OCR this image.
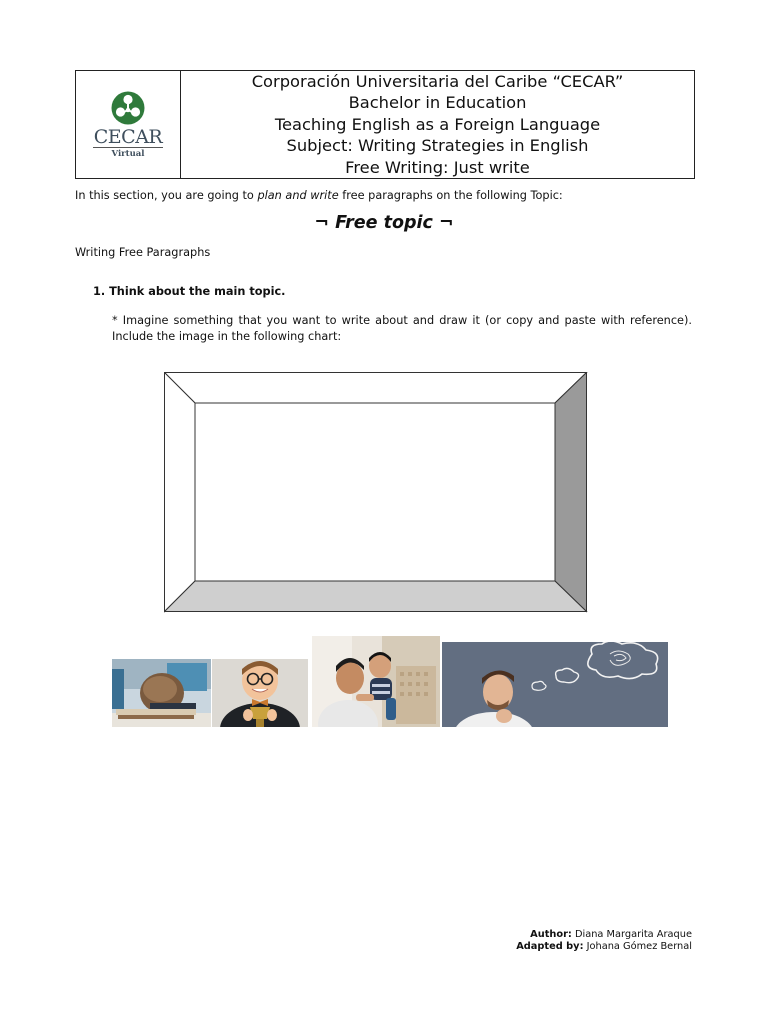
CECAR
Virtual
Corporación Universitaria del Caribe “CECAR”
Bachelor in Education
Teaching English as a Foreign Language
Subject: Writing Strategies in English
Free Writing: Just write
In this section, you are going to plan and write free paragraphs on the following Topic:
¬ Free topic ¬
Writing Free Paragraphs
1. Think about the main topic.
* Imagine something that you want to write about and draw it (or copy and paste with reference). Include the image in the following chart:
Author: Diana Margarita Araque
Adapted by: Johana Gómez Bernal
